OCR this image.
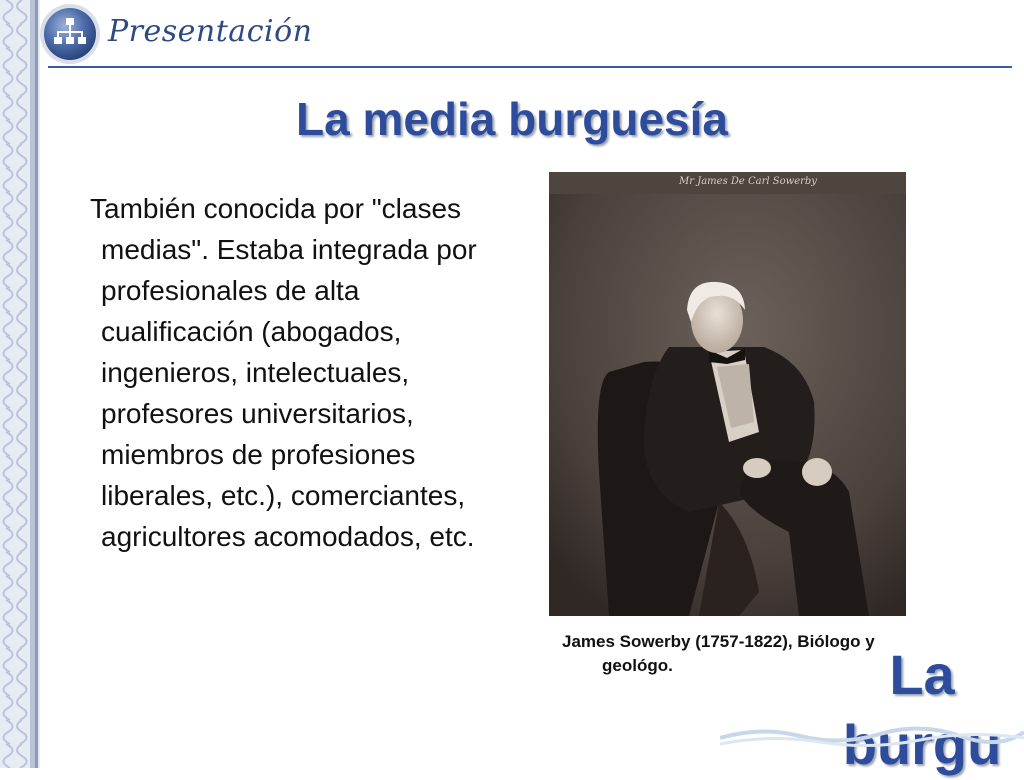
Presentación
La media burguesía
También conocida por "clases medias". Estaba integrada por profesionales de alta cualificación (abogados, ingenieros, intelectuales, profesores universitarios, miembros de profesiones liberales, etc.), comerciantes, agricultores acomodados, etc.
Mr James De Carl Sowerby
James Sowerby (1757-1822), Biólogo y geológo.	La burgu
